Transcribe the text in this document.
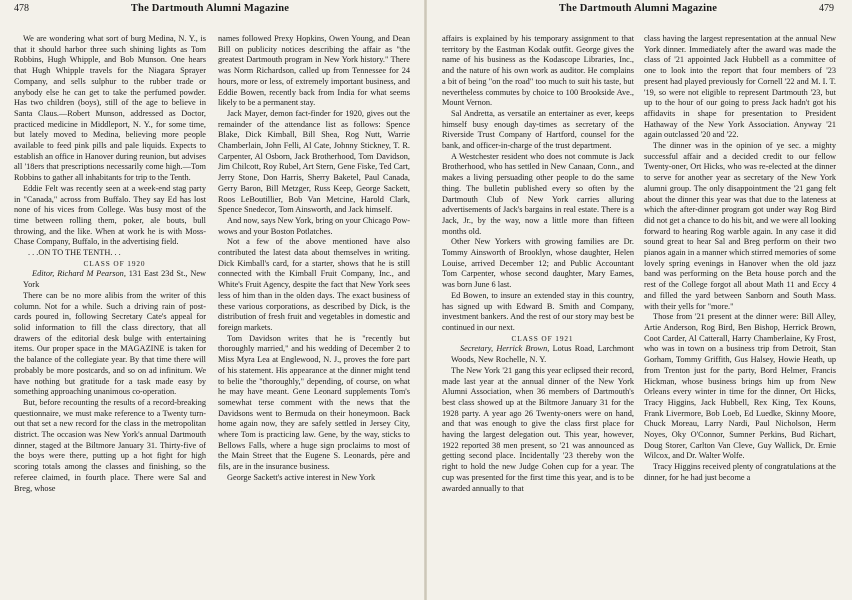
478	The Dartmouth Alumni Magazine

We are wondering what sort of burg Medina, N. Y., is that it should harbor three such shining lights as Tom Robbins, Hugh Whipple, and Bob Munson. One hears that Hugh Whipple travels for the Niagara Sprayer Company, and sells sulphur to the rubber trade or anybody else he can get to take the perfumed powder. Has two children (boys), still of the age to believe in Santa Claus.—Robert Munson, addressed as Doctor, practiced medicine in Middleport, N. Y., for some time, but lately moved to Medina, believing more people available to feed pink pills and pale liquids. Expects to establish an office in Hanover during reunion, but advises all '18ers that prescriptions necessarily come high.—Tom Robbins to gather all inhabitants for trip to the Tenth.

Eddie Felt was recently seen at a week-end stag party in "Canada," across from Buffalo. They say Ed has lost none of his vices from College. Was busy most of the time between rolling them, poker, ale bouts, bull throwing, and the like. When at work he is with Moss-Chase Company, Buffalo, in the advertising field.

. . .ON TO THE TENTH. . .

CLASS OF 1920

Editor, Richard M Pearson, 131 East 23d St., New York

There can be no more alibis from the writer of this column. Not for a while. Such a driving rain of post-cards poured in, following Secretary Cate's appeal for solid information to fill the class directory, that all drawers of the editorial desk bulge with entertaining items. Our proper space in the MAGAZINE is taken for the balance of the collegiate year. By that time there will probably be more postcards, and so on ad infinitum. We have nothing but gratitude for a task made easy by something approaching unanimous co-operation.

But, before recounting the results of a record-breaking questionnaire, we must make reference to a Twenty turn-out that set a new record for the class in the metropolitan district. The occasion was New York's annual Dartmouth dinner, staged at the Biltmore January 31. Thirty-five of the boys were there, putting up a hot fight for high scoring totals among the classes and finishing, so the referee claimed, in fourth place. There were Sal and Breg, whose

names followed Prexy Hopkins, Owen Young, and Dean Bill on publicity notices describing the affair as "the greatest Dartmouth program in New York history." There was Norm Richardson, called up from Tennessee for 24 hours, more or less, of extremely important business, and Eddie Bowen, recently back from India for what seems likely to be a permanent stay.

Jack Mayer, demon fact-finder for 1920, gives out the remainder of the attendance list as follows: Spence Blake, Dick Kimball, Bill Shea, Rog Nutt, Warrie Chamberlain, John Felli, Al Cate, Johnny Stickney, T. R. Carpenter, Al Osborn, Jack Brotherhood, Tom Davidson, Jim Chilcott, Roy Rubel, Art Stern, Gene Fiske, Ted Cart, Jerry Stone, Don Harris, Sherry Baketel, Paul Canada, Gerry Baron, Bill Metzger, Russ Keep, George Sackett, Roos LeBoutillier, Bob Van Metcine, Harold Clark, Spence Snedecor, Tom Ainsworth, and Jack himself.

And now, says New York, bring on your Chicago Pow-wows and your Boston Potlatches.

Not a few of the above mentioned have also contributed the latest data about themselves in writing. Dick Kimball's card, for a starter, shows that he is still connected with the Kimball Fruit Company, Inc., and White's Fruit Agency, despite the fact that New York sees less of him than in the olden days. The exact business of these various corporations, as described by Dick, is the distribution of fresh fruit and vegetables in domestic and foreign markets.

Tom Davidson writes that he is "recently but thoroughly married," and his wedding of December 2 to Miss Myra Lea at Englewood, N. J., proves the fore part of his statement. His appearance at the dinner might tend to belie the "thoroughly," depending, of course, on what he may have meant. Gene Leonard supplements Tom's somewhat terse comment with the news that the Davidsons went to Bermuda on their honeymoon. Back home again now, they are safely settled in Jersey City, where Tom is practicing law. Gene, by the way, sticks to Bellows Falls, where a huge sign proclaims to most of the Main Street that the Eugene S. Leonards, père and fils, are in the insurance business.

George Sackett's active interest in New York

The Dartmouth Alumni Magazine	479

affairs is explained by his temporary assignment to that territory by the Eastman Kodak outfit. George gives the name of his business as the Kodascope Libraries, Inc., and the nature of his own work as auditor. He complains a bit of being "on the road" too much to suit his taste, but nevertheless commutes by choice to 100 Brookside Ave., Mount Vernon.

Sal Andretta, as versatile an entertainer as ever, keeps himself busy enough day-times as secretary of the Riverside Trust Company of Hartford, counsel for the bank, and officer-in-charge of the trust department.

A Westchester resident who does not commute is Jack Brotherhood, who has settled in New Canaan, Conn., and makes a living persuading other people to do the same thing. The bulletin published every so often by the Dartmouth Club of New York carries alluring advertisements of Jack's bargains in real estate. There is a Jack, Jr., by the way, now a little more than fifteen months old.

Other New Yorkers with growing families are Dr. Tommy Ainsworth of Brooklyn, whose daughter, Helen Louise, arrived December 12; and Public Accountant Tom Carpenter, whose second daughter, Mary Eames, was born June 6 last.

Ed Bowen, to insure an extended stay in this country, has signed up with Edward B. Smith and Company, investment bankers. And the rest of our story may best be continued in our next.

CLASS OF 1921

Secretary, Herrick Brown, Lotus Road, Larchmont Woods, New Rochelle, N. Y.

The New York '21 gang this year eclipsed their record, made last year at the annual dinner of the New York Alumni Association, when 36 members of Dartmouth's best class showed up at the Biltmore January 31 for the 1928 party. A year ago 26 Twenty-oners were on hand, and that was enough to give the class first place for having the largest delegation out. This year, however, 1922 reported 38 men present, so '21 was announced as getting second place. Incidentally '23 thereby won the right to hold the new Judge Cohen cup for a year. The cup was presented for the first time this year, and is to be awarded annually to that

class having the largest representation at the annual New York dinner. Immediately after the award was made the class of '21 appointed Jack Hubbell as a committee of one to look into the report that four members of '23 present had played previously for Cornell '22 and M. I. T. '19, so were not eligible to represent Dartmouth '23, but up to the hour of our going to press Jack hadn't got his affidavits in shape for presentation to President Hathaway of the New York Association. Anyway '21 again outclassed '20 and '22.

The dinner was in the opinion of ye sec. a mighty successful affair and a decided credit to our fellow Twenty-oner, Ort Hicks, who was re-elected at the dinner to serve for another year as secretary of the New York alumni group. The only disappointment the '21 gang felt about the dinner this year was that due to the lateness at which the after-dinner program got under way Rog Bird did not get a chance to do his bit, and we were all looking forward to hearing Rog warble again. In any case it did sound great to hear Sal and Breg perform on their two pianos again in a manner which stirred memories of some lovely spring evenings in Hanover when the old jazz band was performing on the Beta house porch and the rest of the College forgot all about Math 11 and Eccy 4 and filled the yard between Sanborn and South Mass. with their yells for "more."

Those from '21 present at the dinner were: Bill Alley, Artie Anderson, Rog Bird, Ben Bishop, Herrick Brown, Coot Carder, Al Catterall, Harry Chamberlaine, Ky Frost, who was in town on a business trip from Detroit, Stan Gorham, Tommy Griffith, Gus Halsey, Howie Heath, up from Trenton just for the party, Bord Helmer, Francis Hickman, whose business brings him up from New Orleans every winter in time for the dinner, Ort Hicks, Tracy Higgins, Jack Hubbell, Rex King, Tex Kouns, Frank Livermore, Bob Loeb, Ed Luedke, Skinny Moore, Chuck Moreau, Larry Nardi, Paul Nicholson, Herm Noyes, Oky O'Connor, Sumner Perkins, Bud Richart, Doug Storer, Carlton Van Cleve, Guy Wallick, Dr. Ernie Wilcox, and Dr. Walter Wolfe.

Tracy Higgins received plenty of congratulations at the dinner, for he had just become a
